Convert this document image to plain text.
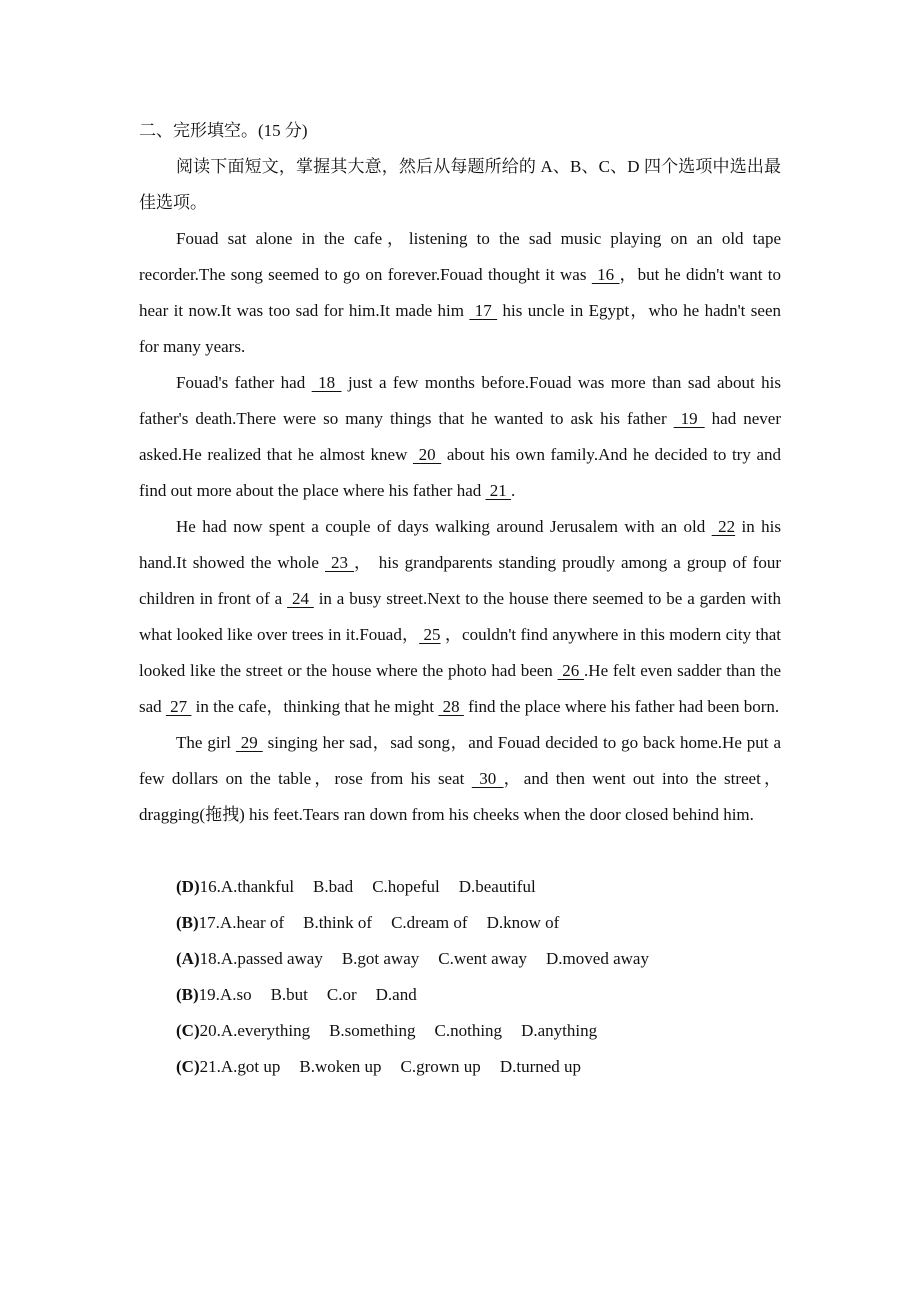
二、完形填空。(15 分)

阅读下面短文，掌握其大意，然后从每题所给的 A、B、C、D 四个选项中选出最佳选项。

Fouad sat alone in the cafe，listening to the sad music playing on an old tape recorder.The song seemed to go on forever.Fouad thought it was  16 ，but he didn't want to hear it now.It was too sad for him.It made him  17  his uncle in Egypt，who he hadn't seen for many years.

Fouad's father had  18  just a few months before.Fouad was more than sad about his father's death.There were so many things that he wanted to ask his father  19  had never asked.He realized that he almost knew  20  about his own family.And he decided to try and find out more about the place where his father had  21 .

He had now spent a couple of days walking around Jerusalem with an old  22 in his hand.It showed the whole  23 ， his grandparents standing proudly among a group of four children in front of a  24  in a busy street.Next to the house there seemed to be a garden with what looked like over trees in it.Fouad， 25 ，couldn't find anywhere in this modern city that looked like the street or the house where the photo had been  26 .He felt even sadder than the sad  27  in the cafe，thinking that he might  28  find the place where his father had been born.

The girl  29  singing her sad，sad song，and Fouad decided to go back home.He put a few dollars on the table，rose from his seat  30 ，and then went out into the street，dragging(拖拽) his feet.Tears ran down from his cheeks when the door closed behind him.

(D)16.A.thankful B.bad C.hopeful D.beautiful
(B)17.A.hear of B.think of C.dream of D.know of
(A)18.A.passed away B.got away C.went away D.moved away
(B)19.A.so B.but C.or D.and
(C)20.A.everything B.something C.nothing D.anything
(C)21.A.got up B.woken up C.grown up D.turned up
